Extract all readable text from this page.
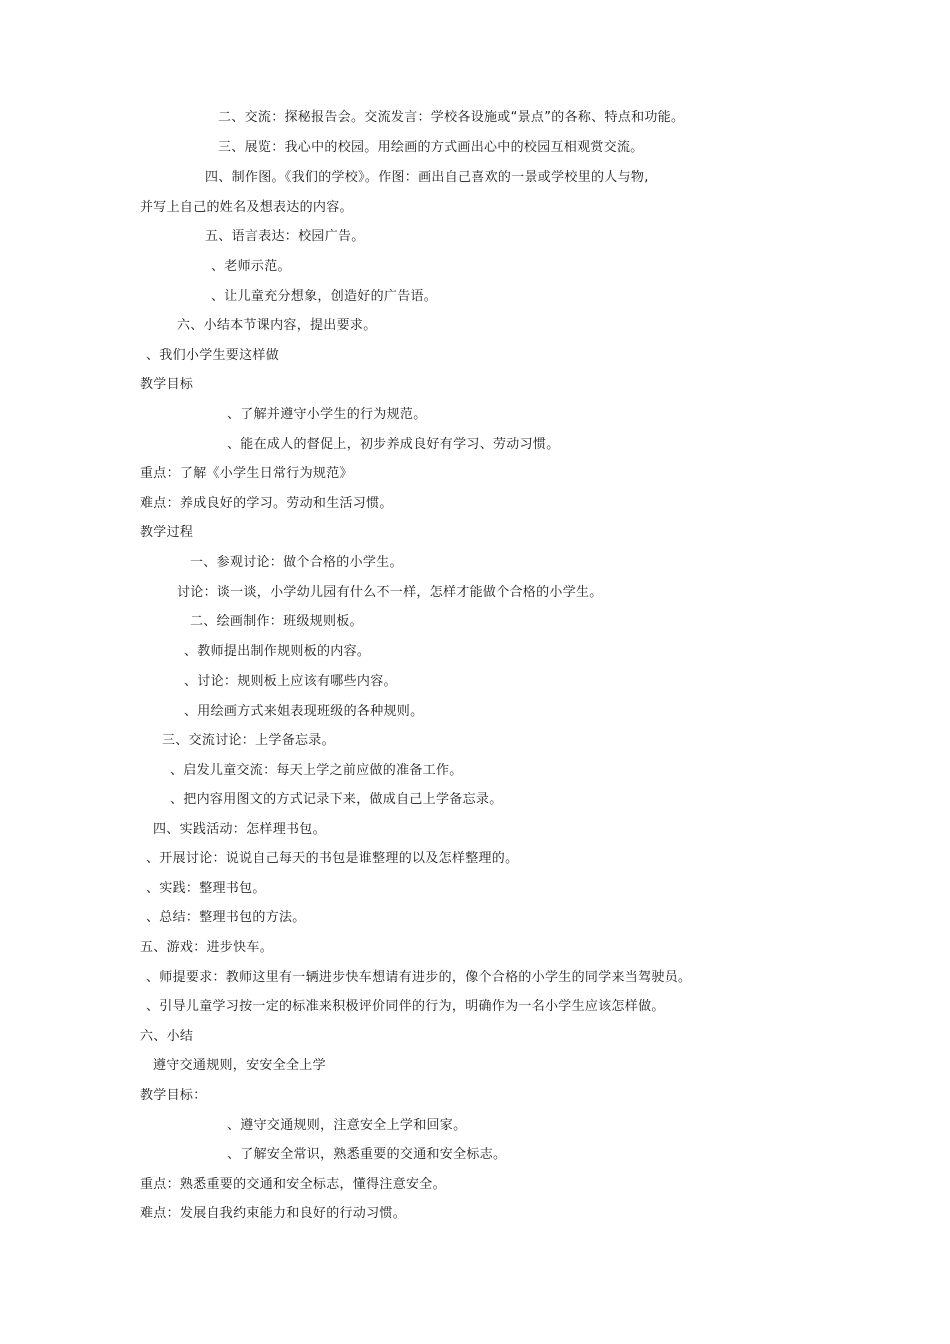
二、交流：探秘报告会。交流发言：学校各设施或“景点”的各称、特点和功能。
三、展览：我心中的校园。用绘画的方式画出心中的校园互相观赏交流。
四、制作图。《我们的学校》。作图：画出自己喜欢的一景或学校里的人与物,
并写上自己的姓名及想表达的内容。
五、语言表达：校园广告。
、老师示范。
、让儿童充分想象，创造好的广告语。
六、小结本节课内容，提出要求。
、我们小学生要这样做
教学目标
、了解并遵守小学生的行为规范。
、能在成人的督促上，初步养成良好有学习、劳动习惯。
重点：了解《小学生日常行为规范》
难点：养成良好的学习。劳动和生活习惯。
教学过程
一、参观讨论：做个合格的小学生。
讨论：谈一谈，小学幼儿园有什么不一样，怎样才能做个合格的小学生。
二、绘画制作：班级规则板。
、教师提出制作规则板的内容。
、讨论：规则板上应该有哪些内容。
、用绘画方式来姐表现班级的各种规则。
三、交流讨论：上学备忘录。
、启发儿童交流：每天上学之前应做的准备工作。
、把内容用图文的方式记录下来，做成自己上学备忘录。
四、实践活动：怎样理书包。
、开展讨论：说说自己每天的书包是谁整理的以及怎样整理的。
、实践：整理书包。
、总结：整理书包的方法。
五、游戏：进步快车。
、师提要求：教师这里有一辆进步快车想请有进步的，像个合格的小学生的同学来当驾驶员。
、引导儿童学习按一定的标准来积极评价同伴的行为，明确作为一名小学生应该怎样做。
六、小结
遵守交通规则，安安全全上学
教学目标：
、遵守交通规则，注意安全上学和回家。
、了解安全常识，熟悉重要的交通和安全标志。
重点：熟悉重要的交通和安全标志，懂得注意安全。
难点：发展自我约束能力和良好的行动习惯。
